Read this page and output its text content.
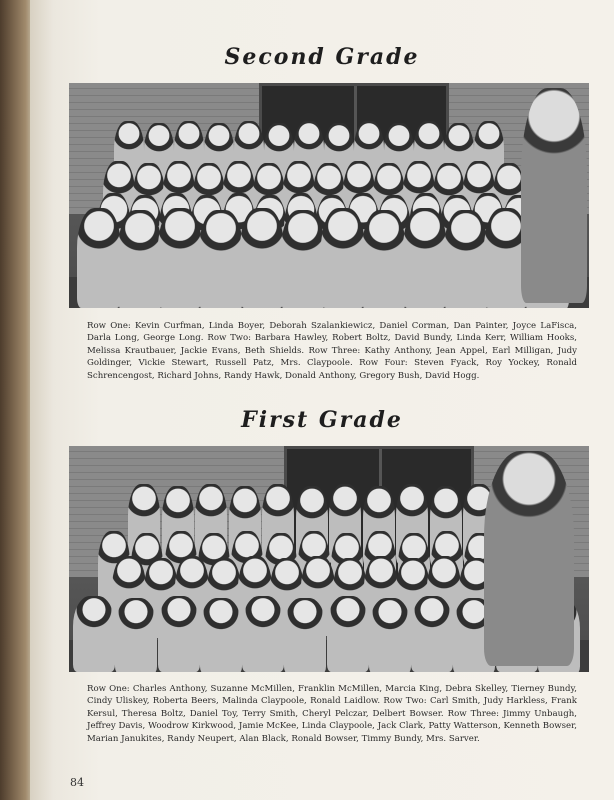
Second Grade

Row One: Kevin Curfman, Linda Boyer, Deborah Szalankiewicz, Daniel Corman, Dan Painter, Joyce LaFisca, Darla Long, George Long. Row Two: Barbara Hawley, Robert Boltz, David Bundy, Linda Kerr, William Hooks, Melissa Krautbauer, Jackie Evans, Beth Shields. Row Three: Kathy Anthony, Jean Appel, Earl Milligan, Judy Goldinger, Vickie Stewart, Russell Patz, Mrs. Claypoole. Row Four: Steven Fyack, Roy Yockey, Ronald Schrencengost, Richard Johns, Randy Hawk, Donald Anthony, Gregory Bush, David Hogg.

First Grade

Row One: Charles Anthony, Suzanne McMillen, Franklin McMillen, Marcia King, Debra Skelley, Tierney Bundy, Cindy Uliskey, Roberta Beers, Malinda Claypoole, Ronald Laidlow. Row Two: Carl Smith, Judy Harkless, Frank Kersul, Theresa Boltz, Daniel Toy, Terry Smith, Cheryl Pelczar, Delbert Bowser. Row Three: Jimmy Unbaugh, Jeffrey Davis, Woodrow Kirkwood, Jamie McKee, Linda Claypoole, Jack Clark, Patty Watterson, Kenneth Bowser, Marian Janukites, Randy Neupert, Alan Black, Ronald Bowser, Timmy Bundy, Mrs. Sarver.

84
